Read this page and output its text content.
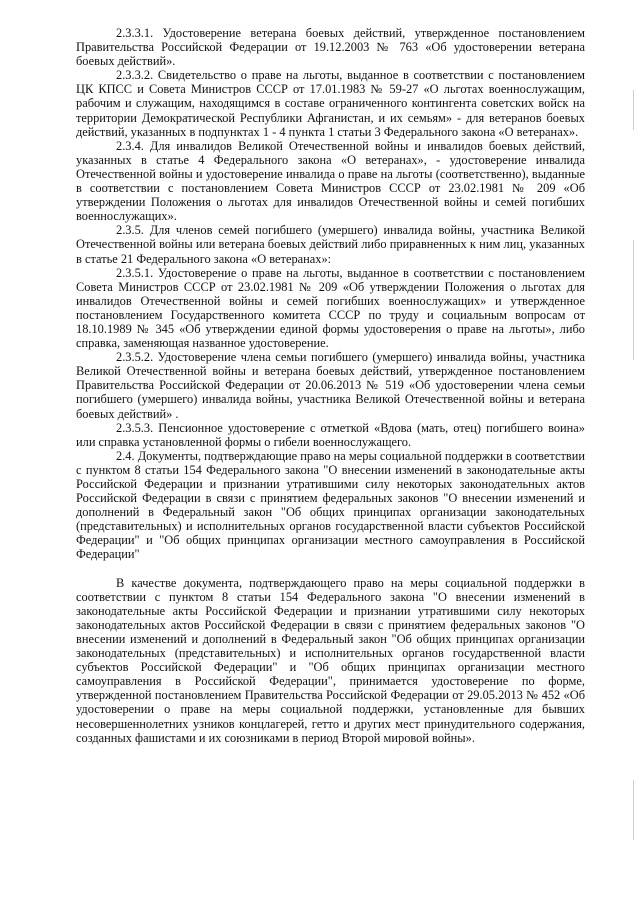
2.3.3.1. Удостоверение ветерана боевых действий, утвержденное постановлением Правительства Российской Федерации от 19.12.2003 № 763 «Об удостоверении ветерана боевых действий».

2.3.3.2. Свидетельство о праве на льготы, выданное в соответствии с постановлением ЦК КПСС и Совета Министров СССР от 17.01.1983 № 59-27 «О льготах военнослужащим, рабочим и служащим, находящимся в составе ограниченного контингента советских войск на территории Демократической Республики Афганистан, и их семьям» - для ветеранов боевых действий, указанных в подпунктах 1 - 4 пункта 1 статьи 3 Федерального закона «О ветеранах».

2.3.4. Для инвалидов Великой Отечественной войны и инвалидов боевых действий, указанных в статье 4 Федерального закона «О ветеранах», - удостоверение инвалида Отечественной войны и удостоверение инвалида о праве на льготы (соответственно), выданные в соответствии с постановлением Совета Министров СССР от 23.02.1981 № 209 «Об утверждении Положения о льготах для инвалидов Отечественной войны и семей погибших военнослужащих».

2.3.5. Для членов семей погибшего (умершего) инвалида войны, участника Великой Отечественной войны или ветерана боевых действий либо приравненных к ним лиц, указанных в статье 21 Федерального закона «О ветеранах»:

2.3.5.1. Удостоверение о праве на льготы, выданное в соответствии с постановлением Совета Министров СССР от 23.02.1981 № 209 «Об утверждении Положения о льготах для инвалидов Отечественной войны и семей погибших военнослужащих» и утвержденное постановлением Государственного комитета СССР по труду и социальным вопросам от 18.10.1989 № 345 «Об утверждении единой формы удостоверения о праве на льготы», либо справка, заменяющая названное удостоверение.

2.3.5.2. Удостоверение члена семьи погибшего (умершего) инвалида войны, участника Великой Отечественной войны и ветерана боевых действий, утвержденное постановлением Правительства Российской Федерации от 20.06.2013 № 519 «Об удостоверении члена семьи погибшего (умершего) инвалида войны, участника Великой Отечественной войны и ветерана боевых действий» .

2.3.5.3. Пенсионное удостоверение с отметкой «Вдова (мать, отец) погибшего воина» или справка установленной формы о гибели военнослужащего.

2.4. Документы, подтверждающие право на меры социальной поддержки в соответствии с пунктом 8 статьи 154 Федерального закона "О внесении изменений в законодательные акты Российской Федерации и признании утратившими силу некоторых законодательных актов Российской Федерации в связи с принятием федеральных законов "О внесении изменений и дополнений в Федеральный закон "Об общих принципах организации законодательных (представительных) и исполнительных органов государственной власти субъектов Российской Федерации" и "Об общих принципах организации местного самоуправления в Российской Федерации"

В качестве документа, подтверждающего право на меры социальной поддержки в соответствии с пунктом 8 статьи 154 Федерального закона "О внесении изменений в законодательные акты Российской Федерации и признании утратившими силу некоторых законодательных актов Российской Федерации в связи с принятием федеральных законов "О внесении изменений и дополнений в Федеральный закон "Об общих принципах организации законодательных (представительных) и исполнительных органов государственной власти субъектов Российской Федерации" и "Об общих принципах организации местного самоуправления в Российской Федерации", принимается удостоверение по форме, утвержденной постановлением Правительства Российской Федерации от 29.05.2013 № 452 «Об удостоверении о праве на меры социальной поддержки, установленные для бывших несовершеннолетних узников концлагерей, гетто и других мест принудительного содержания, созданных фашистами и их союзниками в период Второй мировой войны».
